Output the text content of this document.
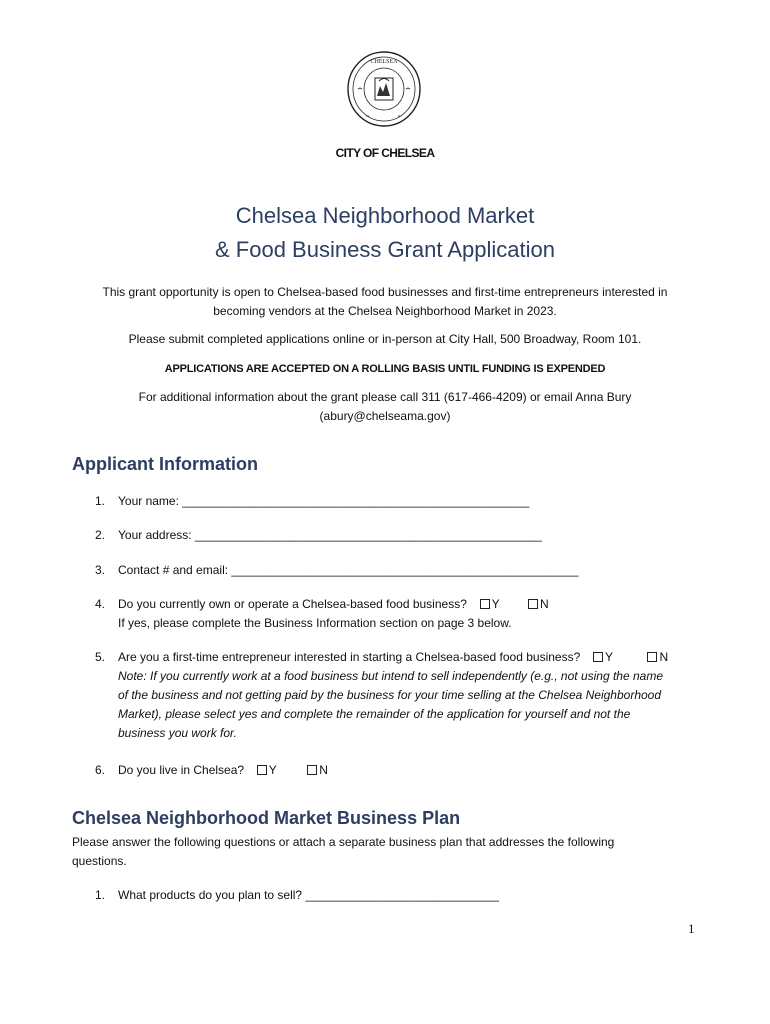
CHELSEA
CITY OF CHELSEA
Chelsea Neighborhood Market
& Food Business Grant Application
This grant opportunity is open to Chelsea-based food businesses and first-time entrepreneurs interested in
becoming vendors at the Chelsea Neighborhood Market in 2023.
Please submit completed applications online or in-person at City Hall, 500 Broadway, Room 101.
APPLICATIONS ARE ACCEPTED ON A ROLLING BASIS UNTIL FUNDING IS EXPENDED
For additional information about the grant please call 311 (617-466-4209) or email Anna Bury
(abury@chelseama.gov)
Applicant Information
1. Your name: ____________________________________________________
2. Your address: ____________________________________________________
3. Contact # and email: ____________________________________________________
4. Do you currently own or operate a Chelsea-based food business? Y	N
If yes, please complete the Business Information section on page 3 below.
5. Are you a first-time entrepreneur interested in starting a Chelsea-based food business? Y	N
Note: If you currently work at a food business but intend to sell independently (e.g., not using the name
of the business and not getting paid by the business for your time selling at the Chelsea Neighborhood
Market), please select yes and complete the remainder of the application for yourself and not the
business you work for.
6. Do you live in Chelsea? Y	N
Chelsea Neighborhood Market Business Plan
Please answer the following questions or attach a separate business plan that addresses the following
questions.
1. What products do you plan to sell? _____________________________
1
